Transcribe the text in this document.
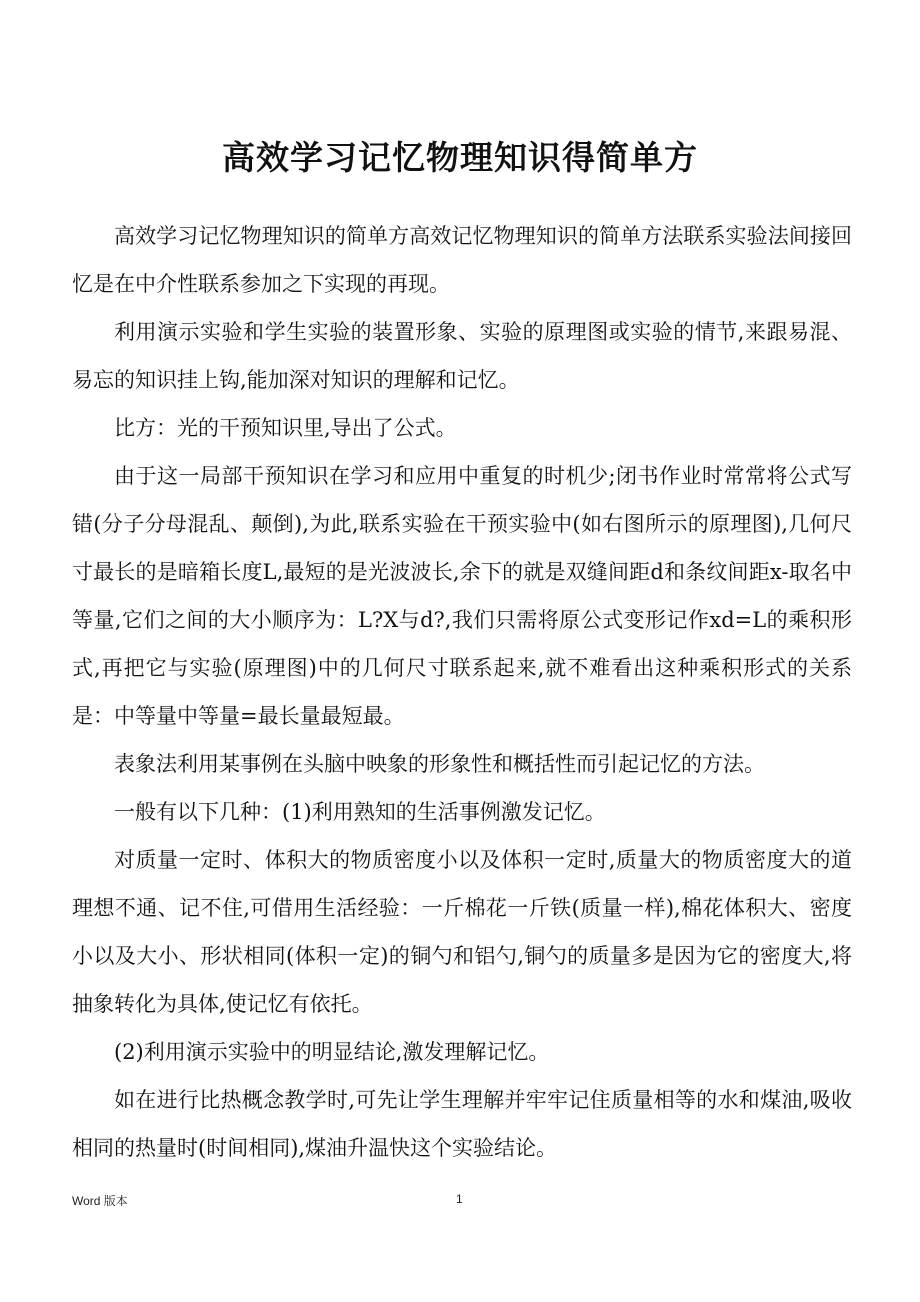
高效学习记忆物理知识得简单方

高效学习记忆物理知识的简单方高效记忆物理知识的简单方法联系实验法间接回忆是在中介性联系参加之下实现的再现。

利用演示实验和学生实验的装置形象、实验的原理图或实验的情节,来跟易混、易忘的知识挂上钩,能加深对知识的理解和记忆。

比方：光的干预知识里,导出了公式。

由于这一局部干预知识在学习和应用中重复的时机少;闭书作业时常常将公式写错(分子分母混乱、颠倒),为此,联系实验在干预实验中(如右图所示的原理图),几何尺寸最长的是暗箱长度L,最短的是光波波长,余下的就是双缝间距d和条纹间距x-取名中等量,它们之间的大小顺序为：L?X与d?,我们只需将原公式变形记作xd=L的乘积形式,再把它与实验(原理图)中的几何尺寸联系起来,就不难看出这种乘积形式的关系是：中等量中等量=最长量最短最。

表象法利用某事例在头脑中映象的形象性和概括性而引起记忆的方法。

一般有以下几种：(1)利用熟知的生活事例激发记忆。

对质量一定时、体积大的物质密度小以及体积一定时,质量大的物质密度大的道理想不通、记不住,可借用生活经验：一斤棉花一斤铁(质量一样),棉花体积大、密度小以及大小、形状相同(体积一定)的铜勺和铝勺,铜勺的质量多是因为它的密度大,将抽象转化为具体,使记忆有依托。

(2)利用演示实验中的明显结论,激发理解记忆。

如在进行比热概念教学时,可先让学生理解并牢牢记住质量相等的水和煤油,吸收相同的热量时(时间相同),煤油升温快这个实验结论。

Word 版本	1
